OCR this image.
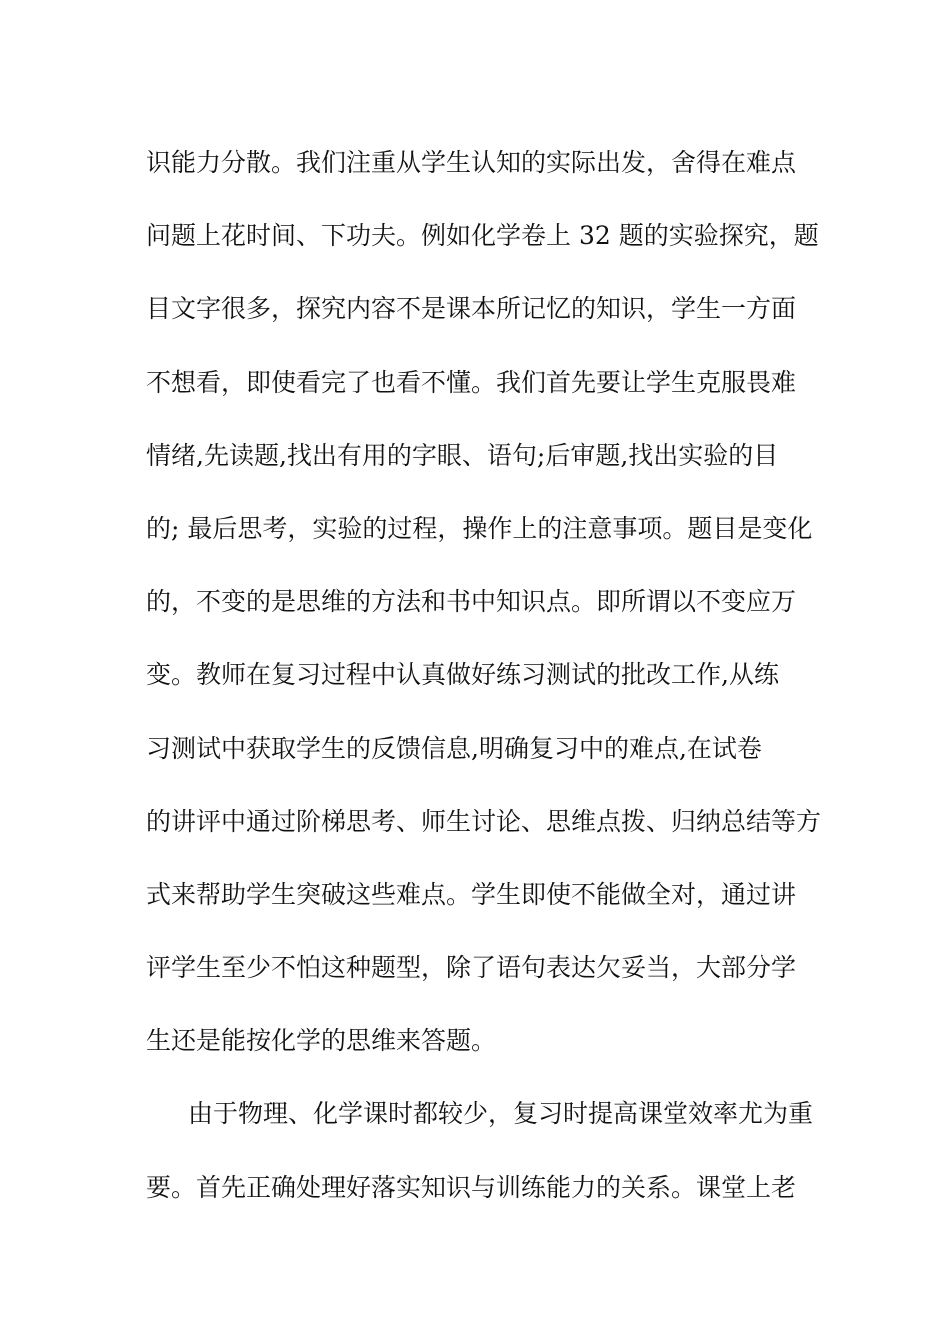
识能力分散。我们注重从学生认知的实际出发，舍得在难点
问题上花时间、下功夫。例如化学卷上 32 题的实验探究，题
目文字很多，探究内容不是课本所记忆的知识，学生一方面
不想看，即使看完了也看不懂。我们首先要让学生克服畏难
情绪,先读题,找出有用的字眼、语句;后审题,找出实验的目
的; 最后思考，实验的过程，操作上的注意事项。题目是变化
的，不变的是思维的方法和书中知识点。即所谓以不变应万
变。教师在复习过程中认真做好练习测试的批改工作,从练
习测试中获取学生的反馈信息,明确复习中的难点,在试卷
的讲评中通过阶梯思考、师生讨论、思维点拨、归纳总结等方
式来帮助学生突破这些难点。学生即使不能做全对，通过讲
评学生至少不怕这种题型，除了语句表达欠妥当，大部分学
生还是能按化学的思维来答题。
由于物理、化学课时都较少，复习时提高课堂效率尤为重
要。首先正确处理好落实知识与训练能力的关系。课堂上老
